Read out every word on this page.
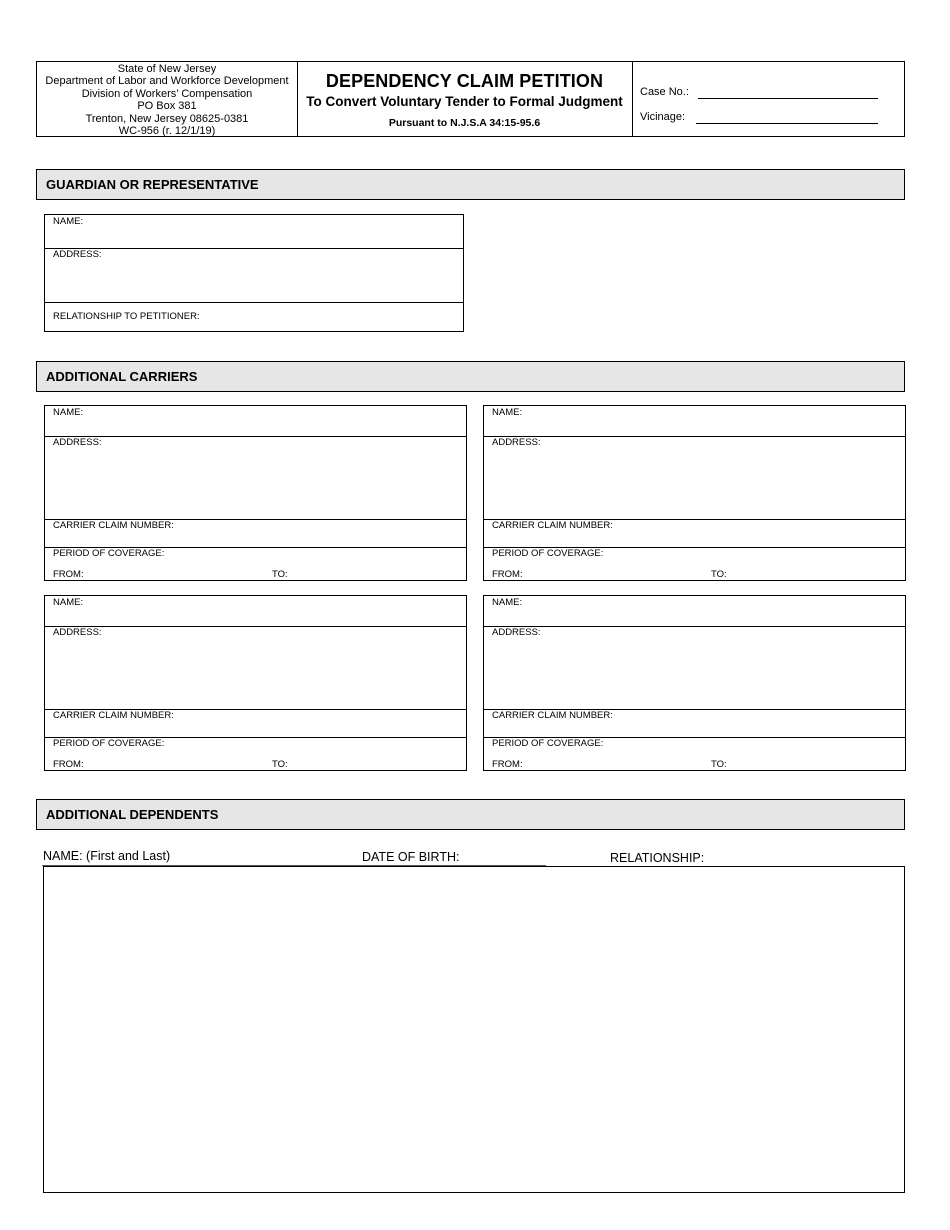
State of New Jersey
Department of Labor and Workforce Development
Division of Workers’ Compensation
PO Box 381
Trenton, New Jersey 08625-0381
WC-956 (r. 12/1/19)
DEPENDENCY CLAIM PETITION
To Convert Voluntary Tender to Formal Judgment
Pursuant to N.J.S.A 34:15-95.6
Case No.:
Vicinage:
GUARDIAN OR REPRESENTATIVE
NAME:
ADDRESS:
RELATIONSHIP TO PETITIONER:
ADDITIONAL CARRIERS
NAME:
ADDRESS:
CARRIER CLAIM NUMBER:
PERIOD OF COVERAGE:
FROM:	TO:
NAME:
ADDRESS:
CARRIER CLAIM NUMBER:
PERIOD OF COVERAGE:
FROM:	TO:
NAME:
ADDRESS:
CARRIER CLAIM NUMBER:
PERIOD OF COVERAGE:
FROM:	TO:
NAME:
ADDRESS:
CARRIER CLAIM NUMBER:
PERIOD OF COVERAGE:
FROM:	TO:
ADDITIONAL DEPENDENTS
NAME: (First and Last)	DATE OF BIRTH:	RELATIONSHIP:
